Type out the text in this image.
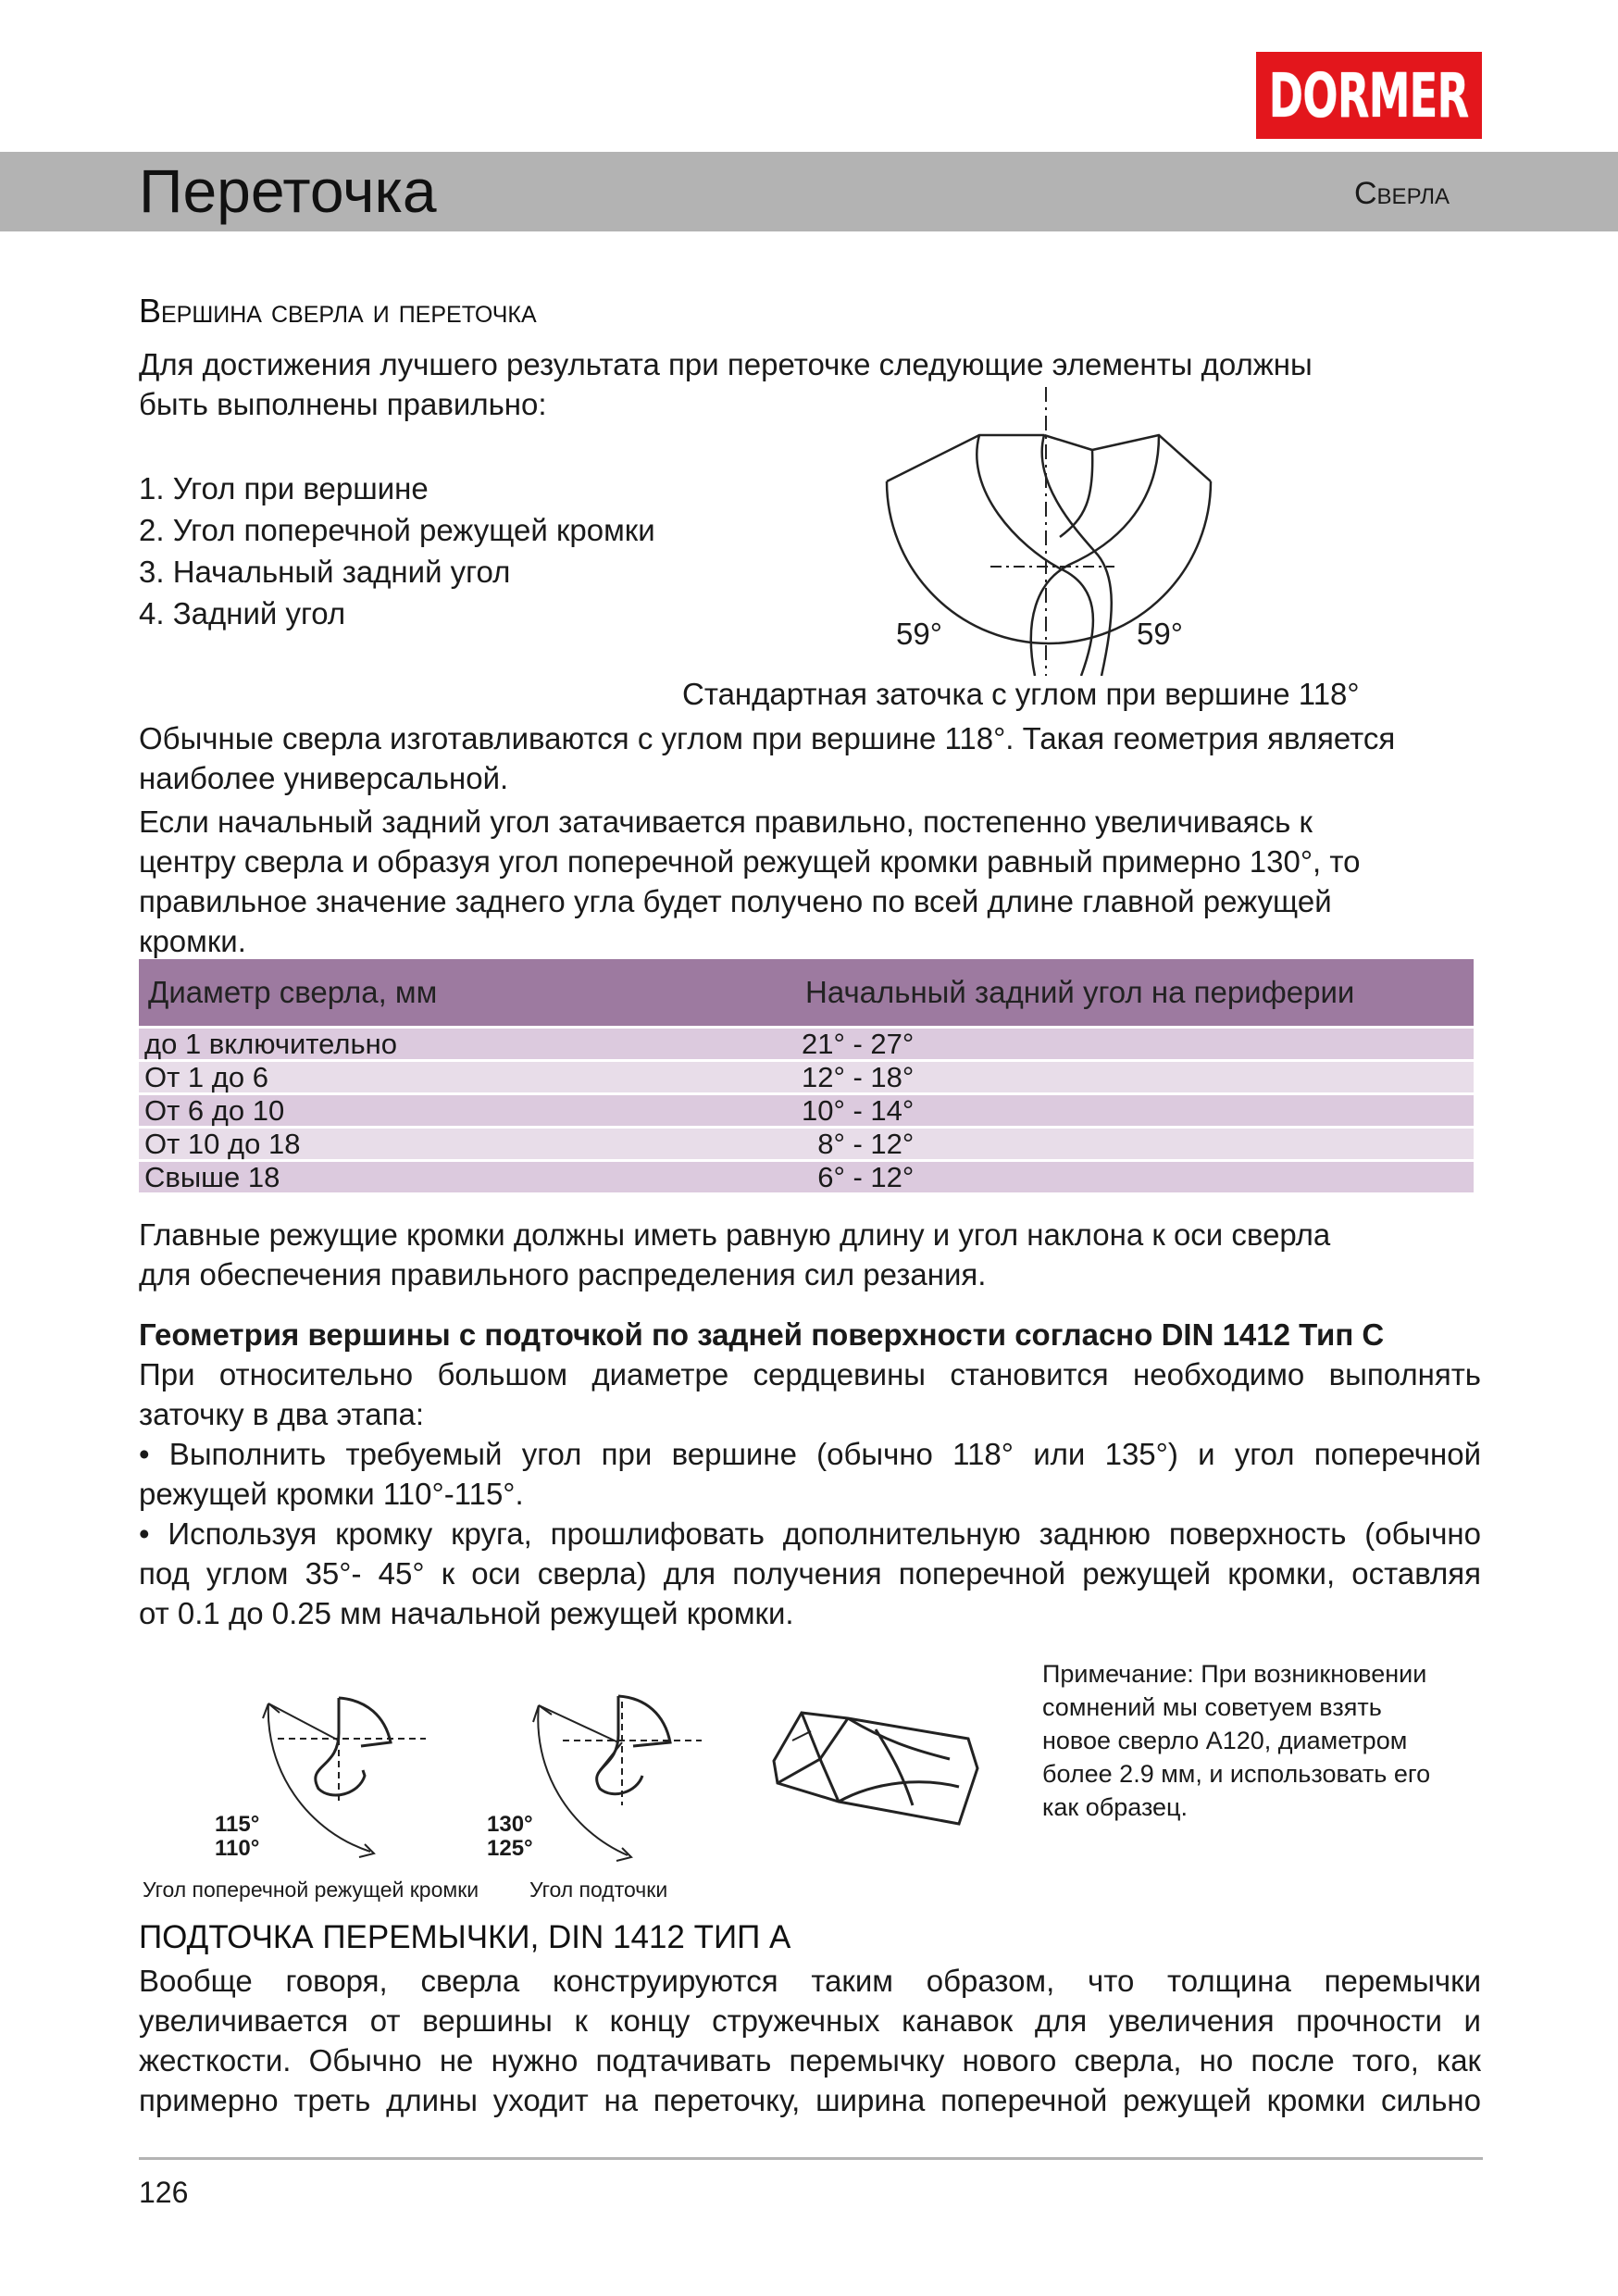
DORMER
Переточка	Сверла
Вершина сверла и переточка
Для достижения лучшего результата при переточке следующие элементы должны
быть выполнены правильно:
1. Угол при вершине
2. Угол поперечной режущей кромки
3. Начальный задний угол
4. Задний угол
59°	59°
Стандартная заточка с углом при вершине 118°
Обычные сверла изготавливаются с углом при вершине 118°. Такая геометрия является
наиболее универсальной.
Если начальный задний угол затачивается правильно, постепенно увеличиваясь к
центру сверла и образуя угол поперечной режущей кромки равный примерно 130°, то
правильное значение заднего угла будет получено по всей длине главной режущей
кромки.
Диаметр сверла, мм	Начальный задний угол на периферии
до 1 включительно	21° - 27°
От 1 до 6	12° - 18°
От 6 до 10	10° - 14°
От 10 до 18	8° - 12°
Свыше 18	6° - 12°
Главные режущие кромки должны иметь равную длину и угол наклона к оси сверла
для обеспечения правильного распределения сил резания.
Геометрия вершины с подточкой по задней поверхности согласно DIN 1412 Тип С
При относительно большом диаметре сердцевины становится необходимо выполнять
заточку в два этапа:
• Выполнить требуемый угол при вершине (обычно 118° или 135°) и угол поперечной
режущей кромки 110°-115°.
• Используя кромку круга, прошлифовать дополнительную заднюю поверхность (обычно
под углом 35°- 45° к оси сверла) для получения поперечной режущей кромки, оставляя
от 0.1 до 0.25 мм начальной режущей кромки.
115°
110°
130°
125°
Угол поперечной режущей кромки Угол подточки
Примечание: При возникновении
сомнений мы советуем взять
новое сверло A120, диаметром
более 2.9 мм, и использовать его
как образец.
ПОДТОЧКА ПЕРЕМЫЧКИ, DIN 1412 ТИП А
Вообще говоря, сверла конструируются таким образом, что толщина перемычки
увеличивается от вершины к концу стружечных канавок для увеличения прочности и
жесткости. Обычно не нужно подтачивать перемычку нового сверла, но после того, как
примерно треть длины уходит на переточку, ширина поперечной режущей кромки сильно
126
